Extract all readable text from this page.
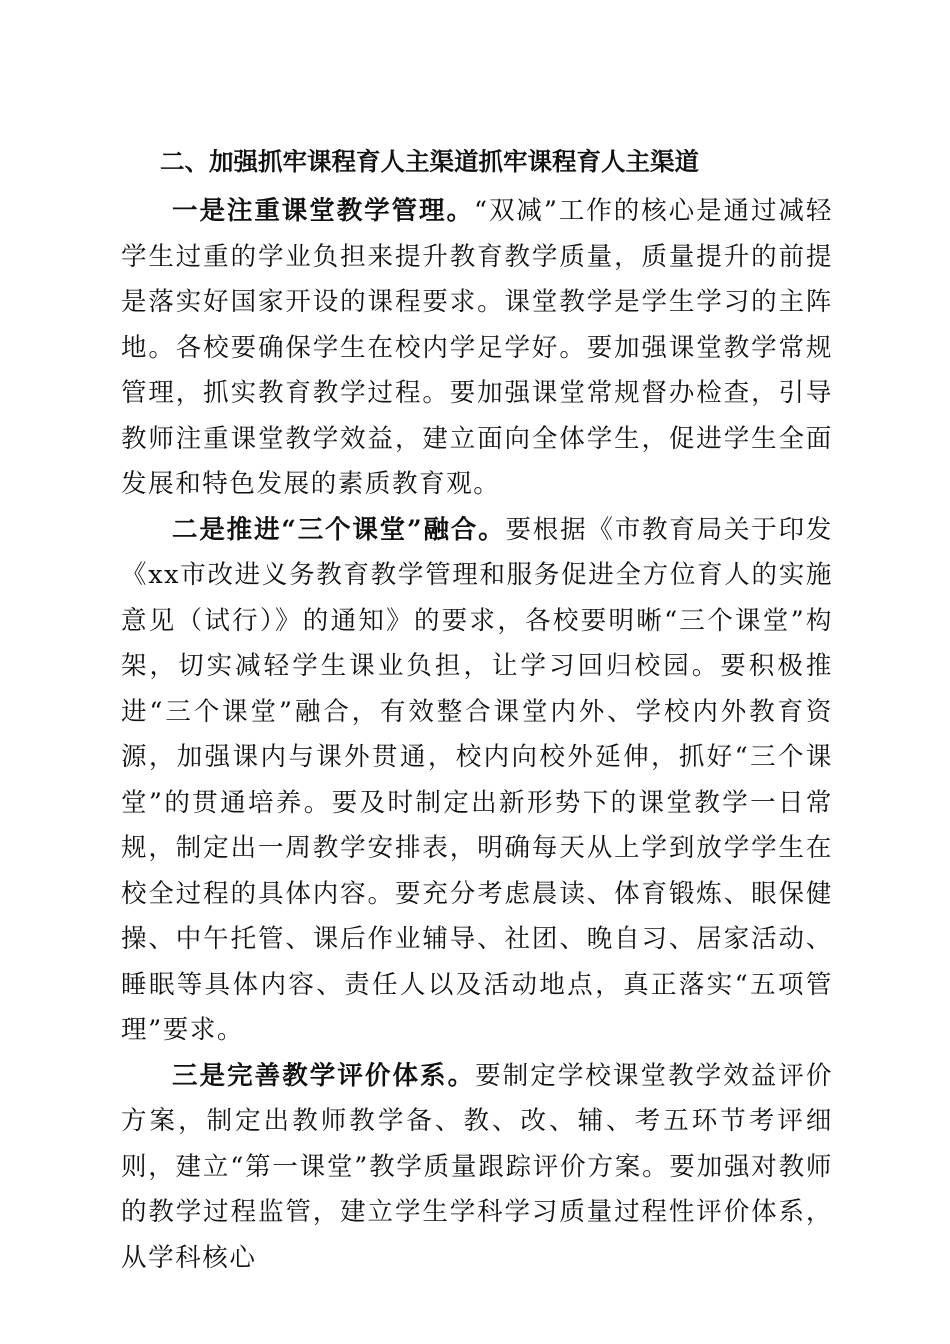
二、加强抓牢课程育人主渠道抓牢课程育人主渠道

一是注重课堂教学管理。“双减”工作的核心是通过减轻学生过重的学业负担来提升教育教学质量，质量提升的前提是落实好国家开设的课程要求。课堂教学是学生学习的主阵地。各校要确保学生在校内学足学好。要加强课堂教学常规管理，抓实教育教学过程。要加强课堂常规督办检查，引导教师注重课堂教学效益，建立面向全体学生，促进学生全面发展和特色发展的素质教育观。

二是推进“三个课堂”融合。要根据《市教育局关于印发《xx市改进义务教育教学管理和服务促进全方位育人的实施意见（试行）》的通知》的要求，各校要明晰“三个课堂”构架，切实减轻学生课业负担，让学习回归校园。要积极推进“三个课堂”融合，有效整合课堂内外、学校内外教育资源，加强课内与课外贯通，校内向校外延伸，抓好“三个课堂”的贯通培养。要及时制定出新形势下的课堂教学一日常规，制定出一周教学安排表，明确每天从上学到放学学生在校全过程的具体内容。要充分考虑晨读、体育锻炼、眼保健操、中午托管、课后作业辅导、社团、晚自习、居家活动、睡眠等具体内容、责任人以及活动地点，真正落实“五项管理”要求。

三是完善教学评价体系。要制定学校课堂教学效益评价方案，制定出教师教学备、教、改、辅、考五环节考评细则，建立“第一课堂”教学质量跟踪评价方案。要加强对教师的教学过程监管，建立学生学科学习质量过程性评价体系，从学科核心
